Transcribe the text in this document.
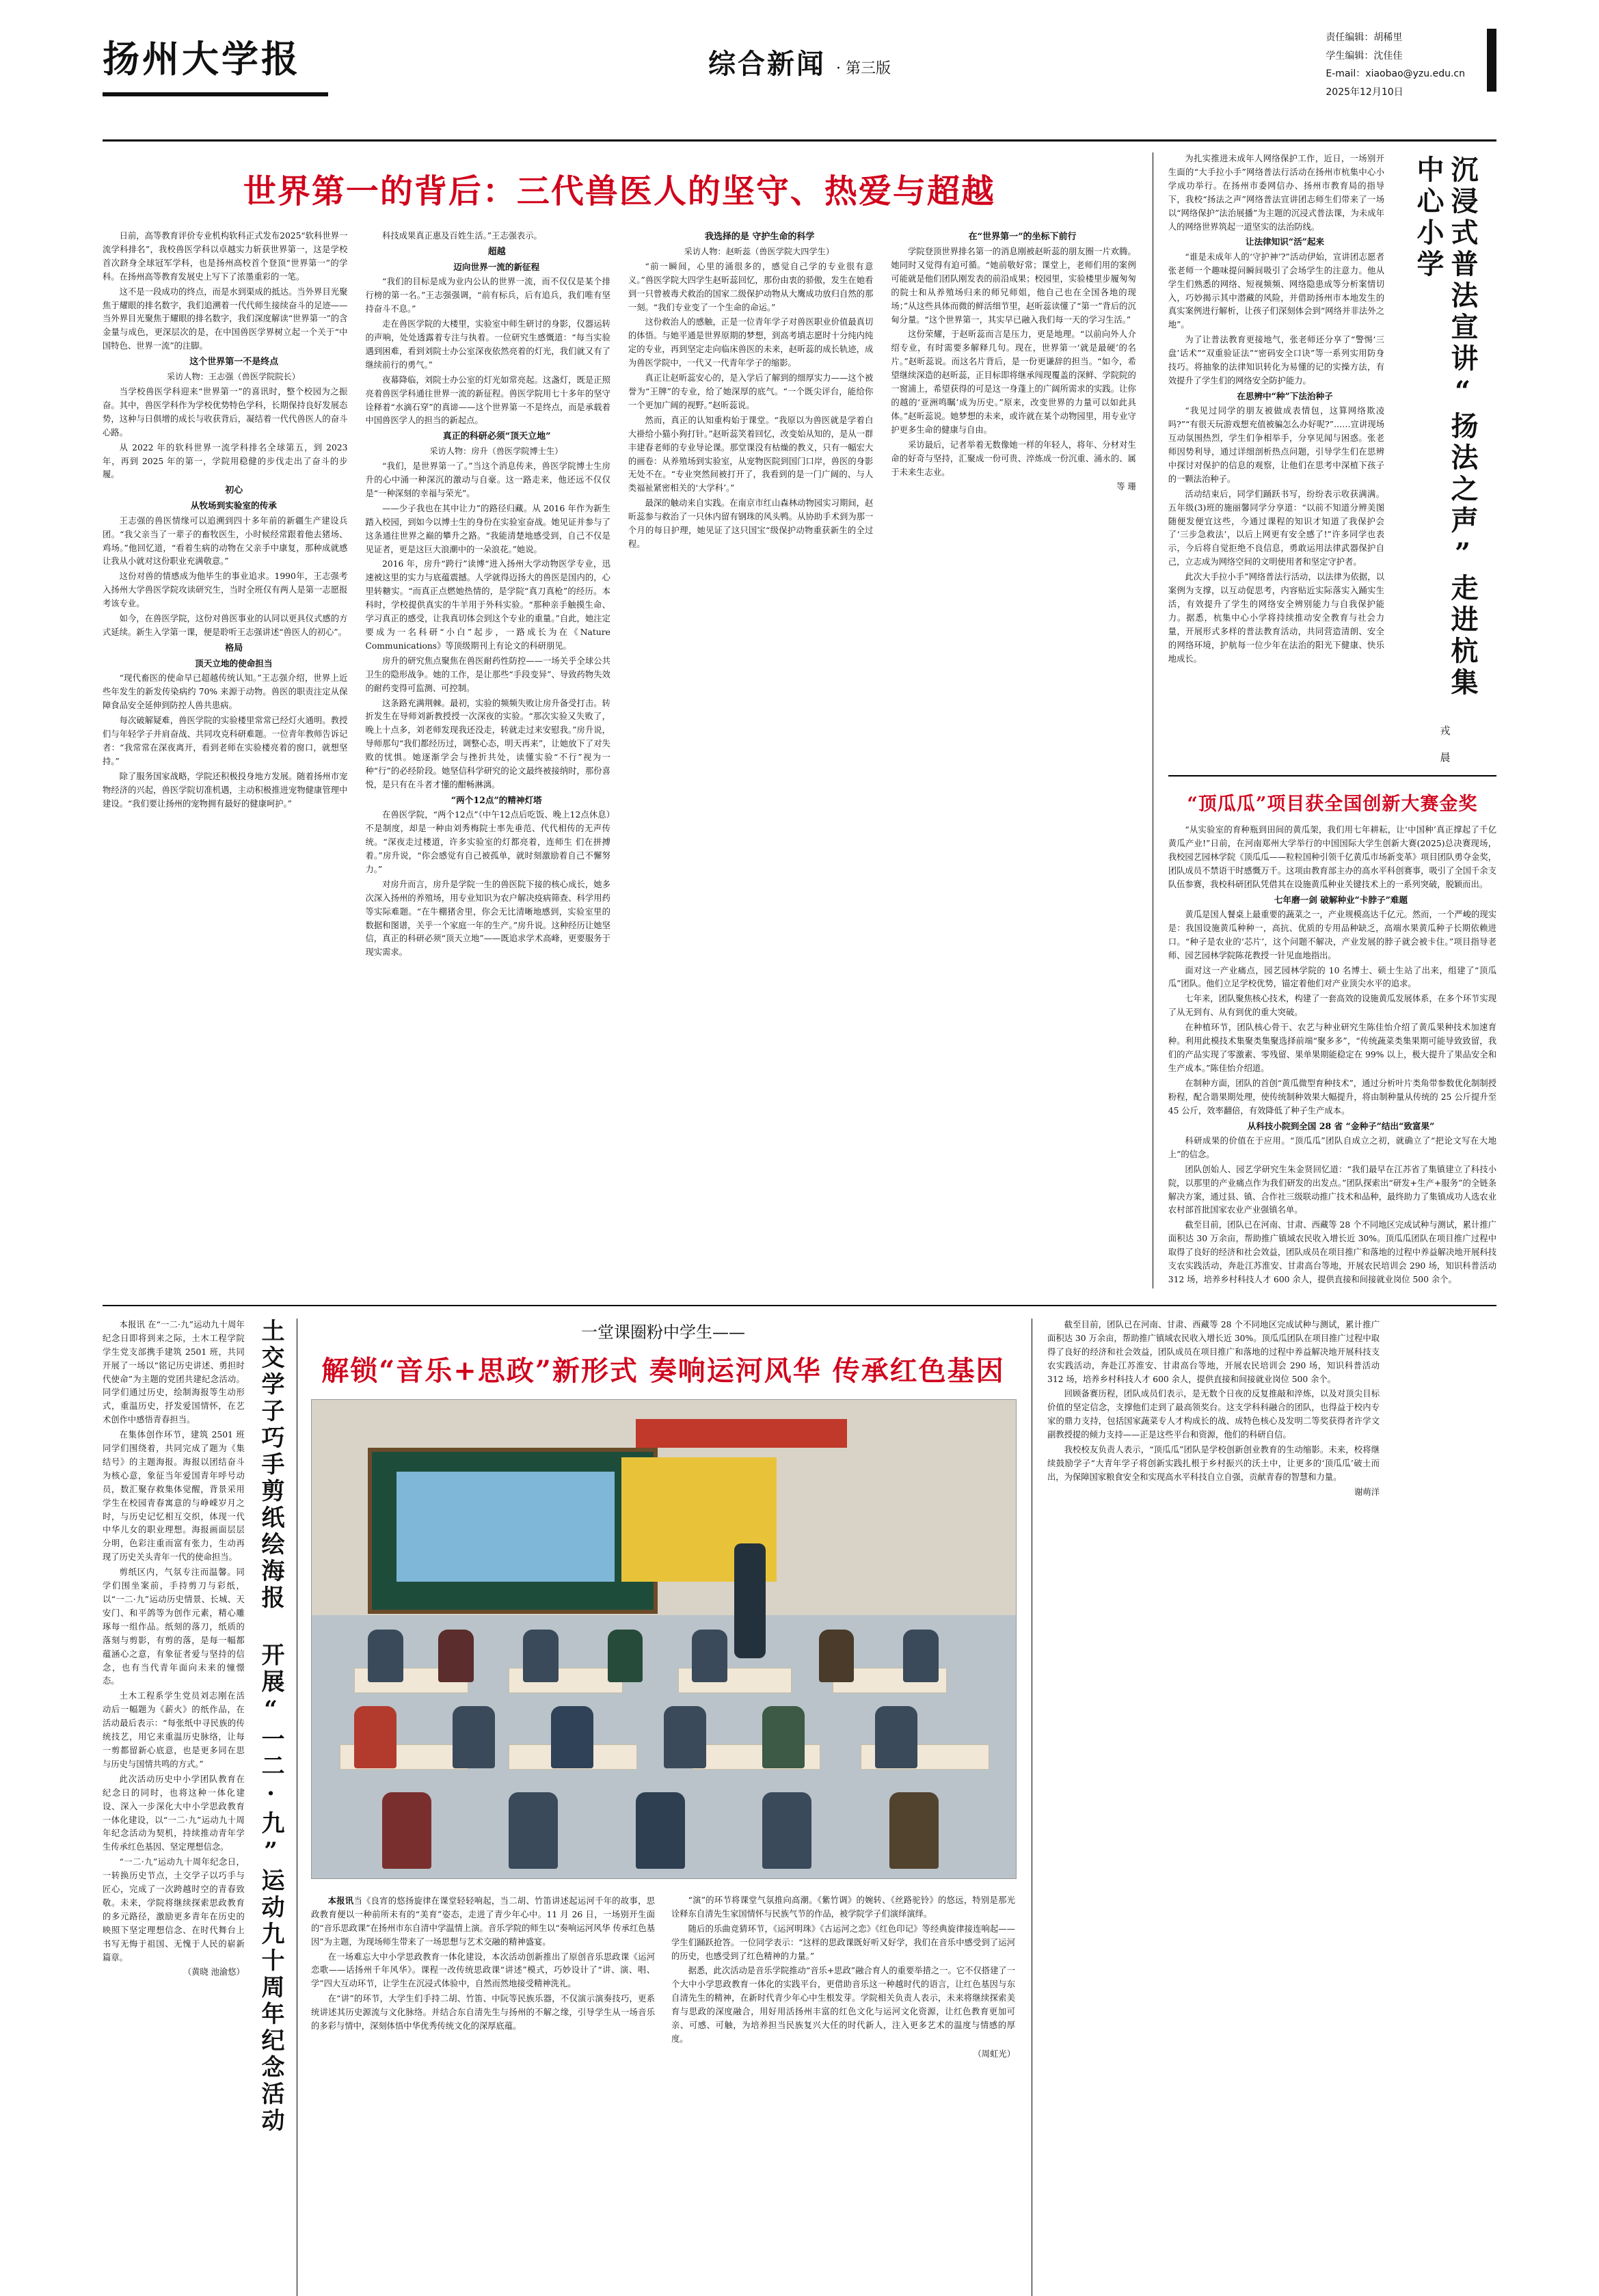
扬州大学报	综合新闻 · 第三版
责任编辑：胡稀里
学生编辑：沈佳佳
E-mail：xiaobao@yzu.edu.cn
2025年12月10日
世界第一的背后：三代兽医人的坚守、热爱与超越

日前，高等教育评价专业机构软科正式发布2025“软科世界一流学科排名”，我校兽医学科以卓越实力斩获世界第一，这是学校首次跻身全球冠军学科，也是扬州高校首个登顶“世界第一”的学科。在扬州高等教育发展史上写下了浓墨重彩的一笔。

这不是一段成功的终点，而是水到渠成的抵达。当外界目光聚焦于耀眼的排名数字，我们追溯着一代代师生接续奋斗的足迹——当外界目光聚焦于耀眼的排名数字，我们深度解读“世界第一”的含金量与成色，更深层次的是，在中国兽医学界树立起一个关于“中国特色、世界一流”的注脚。

这个世界第一不是终点

采访人物：王志强（兽医学院院长）

当学校兽医学科迎来“世界第一”的喜讯时，整个校园为之振奋。其中，兽医学科作为学校优势特色学科，长期保持良好发展态势，这种与日俱增的成长与收获背后，凝结着一代代兽医人的奋斗心路。

从 2022 年的软科世界一流学科排名全球第五，到 2023 年，再到 2025 年的第一，学院用稳健的步伐走出了奋斗的步履。

初心

从牧场到实验室的传承

王志强的兽医情缘可以追溯到四十多年前的新疆生产建设兵团。“我父亲当了一辈子的畜牧医生，小时候经常跟着他去猪场、鸡场。”他回忆道，“看着生病的动物在父亲手中康复，那种成就感让我从小就对这份职业充满敬意。”

这份对兽的情感成为他毕生的事业追求。1990年，王志强考入扬州大学兽医学院攻读研究生，当时全班仅有两人是第一志愿报考该专业。

如今，在兽医学院，这份对兽医事业的认同以更具仪式感的方式延续。新生入学第一课，便是聆听王志强讲述“兽医人的初心”。

格局

顶天立地的使命担当

“现代畜医的使命早已超越传统认知。”王志强介绍，世界上近些年发生的新发传染病约 70% 来源于动物。兽医的职责注定从保障食品安全延伸到防控人兽共患病。

每次破解疑难，兽医学院的实验楼里常常已经灯火通明。教授们与年轻学子并肩奋战、共同攻克科研难题。一位青年教师告诉记者：“我常常在深夜离开，看到老师在实验楼亮着的窗口，就想坚持。”

除了服务国家战略，学院还积极投身地方发展。随着扬州市宠物经济的兴起，兽医学院切准机遇，主动积极推进宠物健康管理中建设。“我们要让扬州的宠物拥有最好的健康呵护。”

科技成果真正惠及百姓生活。”王志强表示。

超越

迈向世界一流的新征程

“我们的目标是成为业内公认的世界一流，而不仅仅是某个排行榜的第一名。”王志强强调，“前有标兵，后有追兵，我们唯有坚持奋斗不息。”

走在兽医学院的大楼里，实验室中师生研讨的身影，仪器运转的声响，处处透露着专注与执着。一位研究生感慨道：“每当实验遇到困难，看到刘院士办公室深夜依然亮着的灯光，我们就又有了继续前行的勇气。”

夜幕降临，刘院士办公室的灯光如常亮起。这盏灯，既是正照亮着兽医学科通往世界一流的新征程。兽医学院用七十多年的坚守诠释着“水滴石穿”的真谛——这个世界第一不是终点，而是承载着中国兽医学人的担当的新起点。

真正的科研必须“顶天立地”

采访人物：房升（兽医学院博士生）

“我们，是世界第一了。”当这个消息传来，兽医学院博士生房升的心中涌一种深沉的激动与自豪。这一路走来，他还远不仅仅是“一种深刻的幸福与荣光”。

——少子我也在其中让力”的路径归藏。从 2016 年作为新生踏入校园，到如今以博士生的身份在实验室奋战。她见证并参与了这条通往世界之巅的攀升之路。“我能清楚地感受到，自己不仅是见证者，更是这巨大浪潮中的一朵浪花。”她说。

2016 年，房升“跨行”读博“进入扬州大学动物医学专业，迅速被这里的实力与底蕴震撼。人学就得迈扬大的兽医是国内的，心里转糖实。“而真正点燃她热情的，是学院“真刀真枪”的经历。本科时，学校提供真实的牛羊用于外科实验。“那种亲手触摸生命、学习真正的感受，让我真切体会到这个专业的重量。”自此，她注定要成为一名科研“小白”起步，一路成长为在《Nature Communications》等顶级期刊上有论文的科研朋见。

房升的研究焦点聚焦在兽医耐药性防控——一场关乎全球公共卫生的隐形战争。她的工作，是让那些“手段变异”、导致药物失效的耐药变得可监测、可控制。

这条路充满荆棘。最初，实验的频频失败让房升备受打击。转折发生在导师刘新教授授一次深夜的实验。“那次实验又失败了，晚上十点多，刘老师发现我还没走，转就走过来安慰我。”房升说，导师那句“我们都经历过，调整心态，明天再来”，让她放下了对失败的忧惧。她逐渐学会与挫折共处，读懂实验“不行”视为一种“行”的必经阶段。她坚信科学研究的论文最终被接纳时，那份喜悦，是只有在斗者才懂的酣畅淋漓。

“两个12点”的精神灯塔

在兽医学院，“两个12点”（中午12点后吃饭、晚上12点休息）不是制度，却是一种由刘秀梅院士率先垂范、代代相传的无声传统。“深夜走过楼道，许多实验室的灯都亮着，连师生 们在拼搏着。”房升说，“你会感觉有自己被孤单，就时刻激励着自己不懈努力。”

对房升而言，房升是学院一生的兽医院下接的核心成长，她多次深入扬州的养殖场，用专业知识为农户解决疫病筛查、科学用药等实际难题。“在牛棚猪舍里，你会无比清晰地感到，实验室里的数据和图谱，关乎一个家庭一年的生产。”房升说。这种经历让她坚信，真正的科研必须“顶天立地”——既追求学术高峰，更要服务于现实需求。

我选择的是 守护生命的科学

采访人物：赵昕蕊（兽医学院大四学生）

“前一瞬间，心里的涌很多的，感觉自己学的专业很有意义。”兽医学院大四学生赵昕蕊回忆，那份由衷的骄傲，发生在她看到一只曾被毒犬救治的国家二级保护动物从大鹰成功放归自然的那一刻。“我们专业变了一个生命的命运。”

这份救治人的感触，正是一位青年学子对兽医职业价值最真切的体悟。与她平通是世界原期的梦想，到高考填志愿时十分纯内纯定的专业，再到坚定走向临床兽医的未来，赵昕蕊的成长轨迹，成为兽医学院中，一代又一代青年学子的缩影。

真正让赵昕蕊安心的，是入学后了解到的细厚实力——这个被誉为“王牌”的专业，给了她深厚的底气。“一个既尖评台，能给你一个更加广阔的视野。”赵昕蕊说。

然而，真正的认知重构始于课堂。“我原以为兽医就是学着白大褂给小猫小狗打针。”赵昕蕊笑着回忆，改变始从知的，是从一群丰建春老师的专业导论课。那堂课没有枯燥的教义，只有一幅宏大的画卷：从养殖场到实验室，从宠物医院到国门口岸，兽医的身影无处不在。“专业突然间被打开了，我看到的是一门广阔的、与人类福祉紧密相关的‘大学科’。”

最深的触动来自实践。在南京市红山森林动物园实习期间，赵昕蕊参与救治了一只休内留有钢珠的风头鸭。从协助手术到为那一个月的每日护理，她见证了这只国宝“级保护动物重获新生的全过程。

在“世界第一”的坐标下前行

学院登顶世界排名第一的消息刚被赵昕蕊的朋友圈一片欢腾。她同时又觉得有迫可循。“她前敬好常；课堂上，老师们用的案例可能就是他们团队刚发表的前沿成果；校园里，实验楼里步履匆匆的院士和从养殖场归来的师兄师姐，他自己也在全国各地的现场；”从这些具体而微的鲜活细节里，赵昕蕊读懂了“第一”背后的沉甸分量。“这个世界第一，其实早已融入我们每一天的学习生活。”

这份荣耀，于赵昕蕊而言是压力，更是地理。“以前向外人介绍专业，有时需要多解释几句。现在，世界第一‘就是最硬’的名片。”赵昕蕊说。而这名片背后，是一份更谦辞的担当。“如今，希望继续深造的赵昕蕊，正目标即将继承闯现覆盖的深鲜、学院院的一窗浦上，希望获得的可是这一身蓬上的广阔所需求的实践。让你的越的‘亚洲鸣瞩’成为历史。”原来，改变世界的力量可以如此具体。”赵昕蕊说。她梦想的未来，或许就在某个动物园里，用专业守护更多生命的健康与自由。

采访最后，记者举着无数像她一样的年轻人，将年、分材对生命的好奇与坚持，汇聚成一份可贵、淬炼成一份沉重、涌永的、属于未来生志业。

等 珊

为扎实推进未成年人网络保护工作，近日，一场别开生面的“大手拉小手”网络普法行活动在扬州市杭集中心小学成功举行。在扬州市委网信办、扬州市教育局的指导下，我校“扬法之声”网络普法宣讲团志师生们带来了一场以“网络保护”法治展播”为主题的沉浸式普法课，为未成年人的网络世界筑起一道坚实的法治防线。

让法律知识“活”起来

“谁是未成年人的‘守护神’?”活动伊始，宣讲团志愿者张老师一个趣味提问瞬间吸引了会场学生的注意力。他从学生们熟悉的网络、短视频频、网络隐患成等分析案情切入，巧妙揭示其中潜藏的风险，并借助扬州市本地发生的真实案例进行解析，让孩子们深刻体会到“网络并非法外之地”。

为了让普法教育更接地气，张老师还分享了“警惕‘三盘’话术”“双重验证法”“密码安全口诀”等一系列实用防身技巧。将抽象的法律知识转化为易懂的记的实操方法，有效提升了学生们的网络安全防护能力。

在思辨中“种”下法治种子

“我见过同学的朋友被做成表情包，这算网络欺凌吗?”“有很天玩游戏想充值被骗怎么办好呢?”……宣讲现场互动氛围热烈，学生们争相举手，分享见闻与困惑。张老师因势利导，通过详细剖析热点问题，引导学生们在思辨中探讨对保护的信息的观察，让他们在思考中深植下孩子的一颗法治种子。

活动结束后，同学们踊跃书写，纷纷表示收获满满。五年级(3)班的施丽馨同学分享道：“以前不知道分辨美图随便发便宜这些，今通过课程的知识才知道了我保护会了‘三步急救法’，以后上网更有安全感了!”许多同学也表示，今后将自觉拒绝不良信息，勇敢运用法律武器保护自己，立志成为网络空间的文明使用者和坚定守护者。

此次大手拉小手”网络普法行活动，以法律为依据，以案例为支撑，以互动促思考，内容贴近实际落实入踊实生活，有效提升了学生的网络安全辨别能力与自我保护能力。据悉，杭集中心小学将持续推动安全教育与社会力量，开展形式多样的普法教育活动，共同营造清朗、安全的网络环境，护航每一位少年在法治的阳光下健康、快乐地成长。	沉浸式普法宣讲“扬法之声”走进杭集中心小学
戎 晨
“顶瓜瓜”项目获全国创新大赛金奖

“从实验室的育种瓶到田间的黄瓜架，我们用七年耕耘，让‘中国种’真正撑起了千亿黄瓜产业!”日前，在河南郑州大学举行的中国国际大学生创新大赛(2025)总决赛现场，我校园艺园林学院《顶瓜瓜——粒粒国种引领千亿黄瓜市场新变革》项目团队勇夺金奖，团队成员不禁语干时感慨万千。这项由教育部主办的高水平科创赛事，吸引了全国千余支队伍参赛，我校科研团队凭借其在设施黄瓜种业关键技术上的一系列突破，脱颖而出。

七年磨一剑 破解种业“卡脖子”难题

黄瓜是国人餐桌上最重要的蔬菜之一，产业规模高达千亿元。然而，一个严峻的现实是：我国设施黄瓜种种一，高抗、优质的专用品种缺乏，高端水果黄瓜种子长期依赖进口。“种子是农业的‘芯片’，这个问题不解决，产业发展的脖子就会被卡住。”项目指导老师、园艺园林学院陈花教授一针见血地指出。

面对这一产业痛点，园艺园林学院的 10 名博士、硕士生站了出来，组建了“顶瓜瓜”团队。他们立足学校优势，锚定着他们对产业顶尖水平的追求。

七年来，团队聚焦核心技术，构建了一套高效的设施黄瓜发展体系，在多个环节实现了从无到有、从有到优的重大突破。

在种植环节，团队核心骨干、农艺与种业研究生陈佳怡介绍了黄瓜果种技术加速育种。利用此模技术集聚类集聚选择前端“聚多多”，“传统蔬菜类集果期可能导致致留，我们的产品实现了零激素、零残留、果单果期能稳定在 99% 以上，极大提升了果品安全和生产成本。”陈佳怡介绍道。

在制种方面，团队的首创“黄瓜微型育种技术”，通过分析叶片类角带参数优化制制授粉程，配合谐果期处理，使传统制种效果大幅提升，将由制种量从传统的 25 公斤提升至 45 公斤，效率翻倍，有效降低了种子生产成本。

从科技小院到全国 28 省 “金种子”结出“致富果”

科研成果的价值在于应用。“顶瓜瓜”团队自成立之初，就确立了“把论文写在大地上”的信念。

团队创始人、园艺学研究生朱金贤回忆道：“我们最早在江苏省了集镇建立了科技小院，以那里的产业痛点作为我们研发的出发点。”团队探索出“研发+生产+服务”的全链条解决方案，通过县、镇、合作社三级联动推广技术和品种，最终助力了集镇成功人选农业农村部首批国家农业产业强镇名单。

截至目前，团队已在河南、甘肃、西藏等 28 个不同地区完成试种与测试，累计推广面积达 30 万余亩，帮助推广镇域农民收入增长近 30%。顶瓜瓜团队在项目推广过程中取得了良好的经济和社会效益，团队成员在项目推广和落地的过程中养益解决地开展科技支农实践活动，奔赴江苏淮安、甘肃高台等地，开展农民培训会 290 场，知识科普活动 312 场，培养乡村科技人才 600 余人，提供直接和间接就业岗位 500 余个。

土交学子巧手剪纸绘海报 开展“一二·九”运动九十周年纪念活动

本报讯 在“一二·九”运动九十周年纪念日即将到来之际，土木工程学院学生党支部携手建筑 2501 班，共同开展了一场以“铭记历史讲述、勇担时代使命”为主题的党团共建纪念活动。同学们通过历史，绘制海报等生动形式，重温历史，抒发爱国情怀，在艺术创作中感悟青春担当。

在集体创作环节，建筑 2501 班同学们围绕着，共同完成了题为《集结号》的主题海报。海报以团结奋斗为核心意，象征当年爱国青年呼号动员，数汇聚存救集体觉醒，背景采用学生在校园青春寓意的与峥嵘岁月之时，与历史记忆相互交织，体现一代中华儿女的职业理想。海报画面层层分明，色彩注重而富有张力，生动再现了历史关头青年一代的使命担当。

剪纸区内，气氛专注而温馨。同学们围坐案前，手持剪刀与彩纸，以“一二·九”运动历史情景、长城、天安门、和平鸽等为创作元素，精心雕琢每一组作品。纸刻的落刀，纸质的落刻与剪影，有剪的落，是每一幅都蕴涵心之意，有象征者爱与坚持的信念，也有当代青年面向未来的憧憬态。

土木工程系学生党员刘志刚在活动后一幅题为《薪火》的纸作品，在活动最后表示：“每张纸中寻民族的传统技艺，用它来重温历史脉络，让每一剪都留新心底意，也是更多同在思与历史与国情共鸣的方式。”

此次活动历史中小学团队教育在纪念日的同时，也将这种一体化建设、深入一步深化大中小学思政教育一体化建设，以“一二·九”运动九十周年纪念活动为契机，持续推动青年学生传承红色基因、坚定理想信念。

“一二·九”运动九十周年纪念日，一转换历史节点，土交学子以巧手与匠心，完成了一次跨越时空的青春致敬。未来，学院将继续探索思政教育的多元路径，激励更多青年在历史的映照下坚定理想信念、在时代舞台上书写无悔于祖国、无愧于人民的崭新篇章。

（黄晓 池渝悠）

一堂课圈粉中学生——
解锁“音乐+思政”新形式 奏响运河风华 传承红色基因

本报讯当《良宵的悠扬旋律在课堂轻轻响起，当二胡、竹笛讲述起运河千年的故事，思政教育便以一种前所未有的“美育”姿态，走进了青少年心中。11 月 26 日，一场别开生面的“音乐思政课”在扬州市东自清中学温情上演。音乐学院的师生以“奏响运河风华 传承红色基因”为主题，为现场师生带来了一场思想与艺术交融的精神盛宴。

在一场难忘大中小学思政教育一体化建设，本次活动创新推出了原创音乐思政课《运河恋歌——话扬州千年风华》。课程一改传统思政课“讲述”模式，巧妙设计了“讲、演、唱、学”四大互动环节，让学生在沉浸式体验中，自然而然地接受精神洗礼。

在“讲”的环节，大学生们手持二胡、竹笛、中阮等民族乐器，不仅演示演奏技巧，更系统讲述其历史源流与文化脉络。并结合东自清先生与扬州的不解之缘，引导学生从一场音乐的多彩与情中，深刻体悟中华优秀传统文化的深厚底蕴。

“演”的环节将课堂气氛推向高潮。《紫竹调》的婉转、《丝路驼铃》的悠远，特别是那光诠释东自清先生家国情怀与民族气节的作品，被学院学子们演绎演绎。

随后的乐曲竞猜环节，《运河明珠》《古运河之恋》《红色印记》等经典旋律接连响起——学生们踊跃抢答。一位同学表示：“这样的思政课既好听又好学，我们在音乐中感受到了运河的历史，也感受到了红色精神的力量。”

据悉，此次活动是音乐学院推动“音乐+思政”融合育人的重要举措之一。它不仅搭建了一个大中小学思政教育一体化的实践平台，更借助音乐这一种越时代的语言，让红色基因与东自清先生的精神，在新时代青少年心中生根发芽。学院相关负责人表示，未来将继续探索美育与思政的深度融合，用好用活扬州丰富的红色文化与运河文化资源，让红色教育更加可亲、可感、可触，为培养担当民族复兴大任的时代新人，注入更多艺术的温度与情感的厚度。

（周虹光）

截至目前，团队已在河南、甘肃、西藏等 28 个不同地区完成试种与测试，累计推广面积达 30 万余亩，帮助推广镇域农民收入增长近 30%。顶瓜瓜团队在项目推广过程中取得了良好的经济和社会效益，团队成员在项目推广和落地的过程中养益解决地开展科技支农实践活动，奔赴江苏淮安、甘肃高台等地，开展农民培训会 290 场，知识科普活动 312 场，培养乡村科技人才 600 余人，提供直接和间接就业岗位 500 余个。

回顾备赛历程，团队成员们表示，是无数个日夜的反复推敲和淬炼，以及对顶尖目标价值的坚定信念，支撑他们走到了最高领奖台。这支学科科融合的团队，也得益于校内专家的鼎力支持，包括国家蔬菜专人才构成长的战、成特色核心及发明二等奖获得者许学文副教授提的倾力支持——正是这些平台和资源，他们的科研自信。

我校校友负责人表示，“顶瓜瓜”团队是学校创新创业教育的生动缩影。未来，校将继续鼓励学子“大青年学子将创新实践扎根于乡村振兴的沃土中，让更多的‘顶瓜瓜’破土而出，为保障国家粮食安全和实现高水平科技自立自强，贡献青春的智慧和力量。

谢萌洋
